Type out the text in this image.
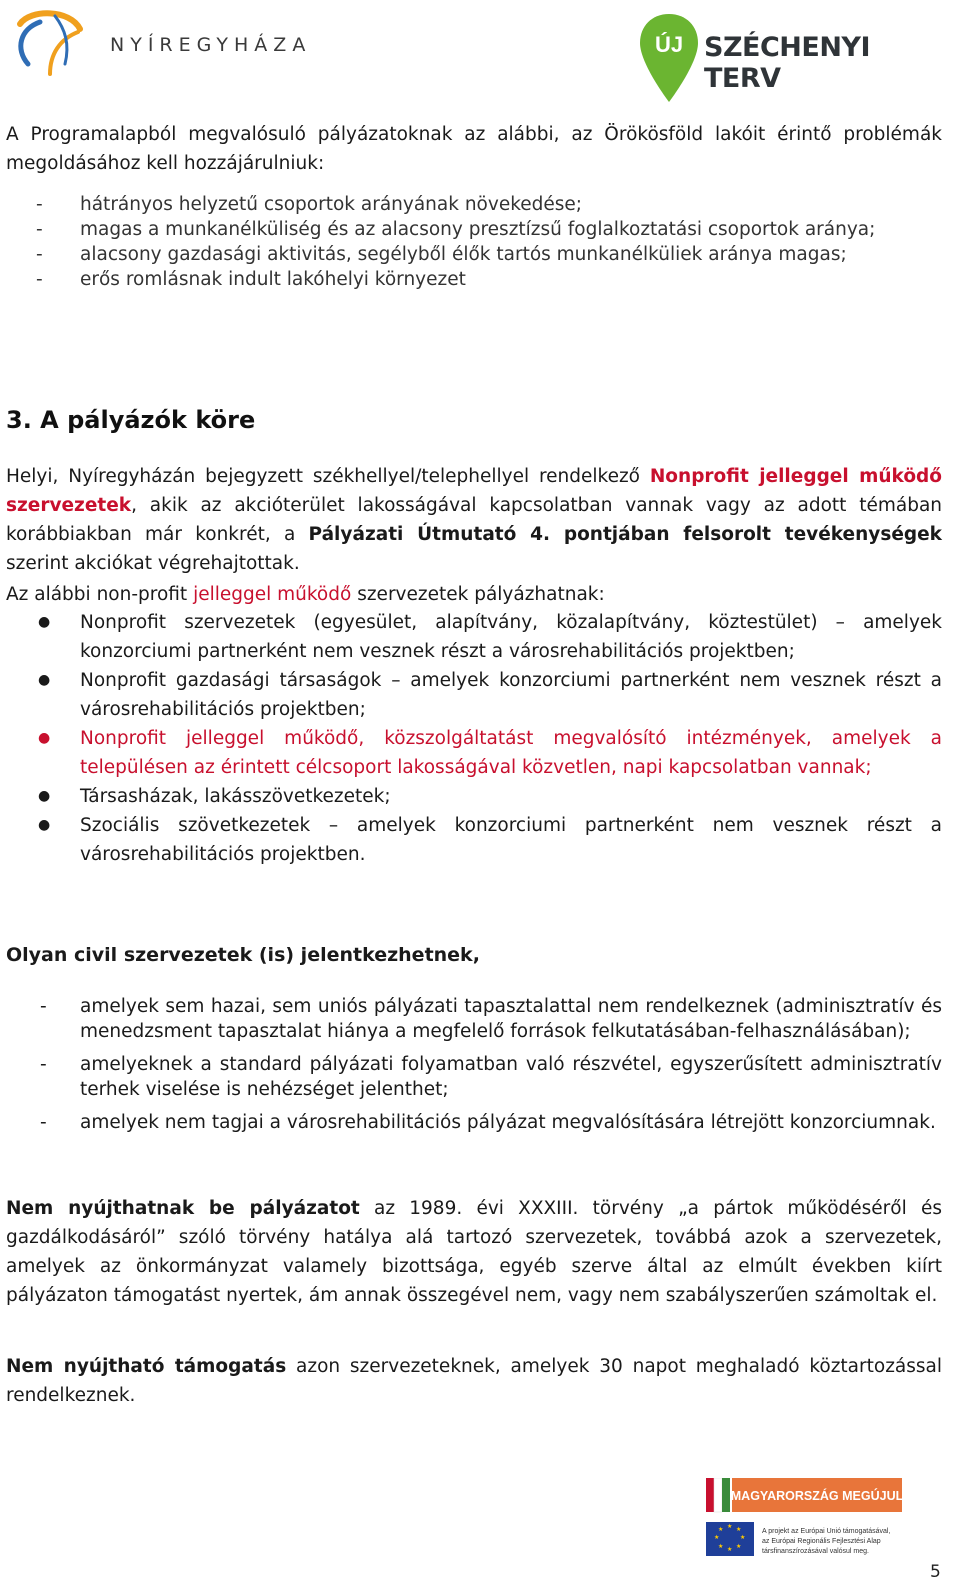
NYÍREGYHÁZA	ÚJ SZÉCHENYI TERV

A Programalapból megvalósuló pályázatoknak az alábbi, az Örökösföld lakóit érintő problémák megoldásához kell hozzájárulniuk:

- hátrányos helyzetű csoportok arányának növekedése;
- magas a munkanélküliség és az alacsony presztízsű foglalkoztatási csoportok aránya;
- alacsony gazdasági aktivitás, segélyből élők tartós munkanélküliek aránya magas;
- erős romlásnak indult lakóhelyi környezet
3. A pályázók köre

Helyi, Nyíregyházán bejegyzett székhellyel/telephellyel rendelkező Nonprofit jelleggel működő szervezetek, akik az akcióterület lakosságával kapcsolatban vannak vagy az adott témában korábbiakban már konkrét, a Pályázati Útmutató 4. pontjában felsorolt tevékenységek szerint akciókat végrehajtottak.

Az alábbi non-profit jelleggel működő szervezetek pályázhatnak:

● Nonprofit szervezetek (egyesület, alapítvány, közalapítvány, köztestület) – amelyek konzorciumi partnerként nem vesznek részt a városrehabilitációs projektben;
● Nonprofit gazdasági társaságok – amelyek konzorciumi partnerként nem vesznek részt a városrehabilitációs projektben;
● Nonprofit jelleggel működő, közszolgáltatást megvalósító intézmények, amelyek a településen az érintett célcsoport lakosságával közvetlen, napi kapcsolatban vannak;
● Társasházak, lakásszövetkezetek;
● Szociális szövetkezetek – amelyek konzorciumi partnerként nem vesznek részt a városrehabilitációs projektben.
Olyan civil szervezetek (is) jelentkezhetnek,
- amelyek sem hazai, sem uniós pályázati tapasztalattal nem rendelkeznek (adminisztratív és menedzsment tapasztalat hiánya a megfelelő források felkutatásában-felhasználásában);
- amelyeknek a standard pályázati folyamatban való részvétel, egyszerűsített adminisztratív terhek viselése is nehézséget jelenthet;
- amelyek nem tagjai a városrehabilitációs pályázat megvalósítására létrejött konzorciumnak.

Nem nyújthatnak be pályázatot az 1989. évi XXXIII. törvény „a pártok működéséről és gazdálkodásáról” szóló törvény hatálya alá tartozó szervezetek, továbbá azok a szervezetek, amelyek az önkormányzat valamely bizottsága, egyéb szerve által az elmúlt években kiírt pályázaton támogatást nyertek, ám annak összegével nem, vagy nem szabályszerűen számoltak el.

Nem nyújtható támogatás azon szervezeteknek, amelyek 30 napot meghaladó köztartozással rendelkeznek.

MAGYARORSZÁG MEGÚJUL
★ ★
★
★
★
★
★
★	A projekt az Európai Unió támogatásával,
az Európai Regionális Fejlesztési Alap
társfinanszírozásával valósul meg.
5
